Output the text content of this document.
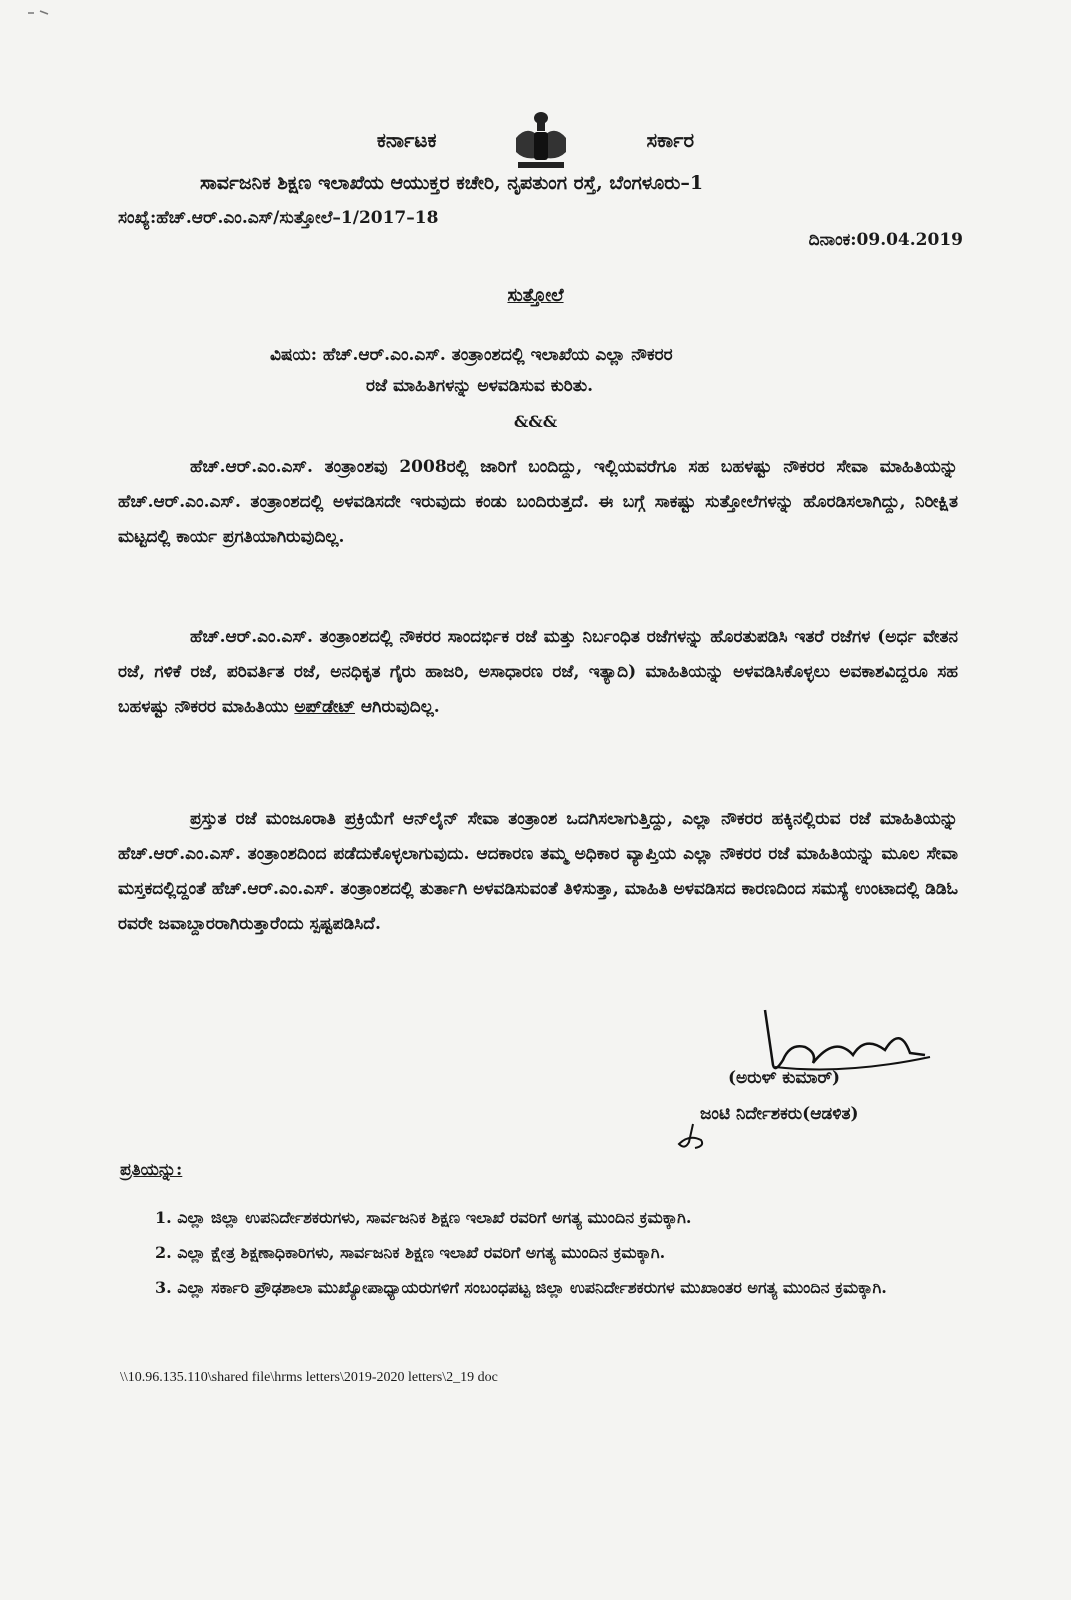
ಕರ್ನಾಟಕ	ಸರ್ಕಾರ
ಸಾರ್ವಜನಿಕ ಶಿಕ್ಷಣ ಇಲಾಖೆಯ ಆಯುಕ್ತರ ಕಚೇರಿ, ನೃಪತುಂಗ ರಸ್ತೆ, ಬೆಂಗಳೂರು–1
ಸಂಖ್ಯೆ:ಹೆಚ್.ಆರ್.ಎಂ.ಎಸ್/ಸುತ್ತೋಲೆ–1/2017–18
ದಿನಾಂಕ:09.04.2019
ಸುತ್ತೋಲೆ
ವಿಷಯ: ಹೆಚ್.ಆರ್.ಎಂ.ಎಸ್. ತಂತ್ರಾಂಶದಲ್ಲಿ ಇಲಾಖೆಯ ಎಲ್ಲಾ ನೌಕರರ
ರಜೆ ಮಾಹಿತಿಗಳನ್ನು ಅಳವಡಿಸುವ ಕುರಿತು.
&&&
ಹೆಚ್.ಆರ್.ಎಂ.ಎಸ್. ತಂತ್ರಾಂಶವು 2008ರಲ್ಲಿ ಜಾರಿಗೆ ಬಂದಿದ್ದು, ಇಲ್ಲಿಯವರೆಗೂ ಸಹ ಬಹಳಷ್ಟು ನೌಕರರ ಸೇವಾ ಮಾಹಿತಿಯನ್ನು ಹೆಚ್.ಆರ್.ಎಂ.ಎಸ್. ತಂತ್ರಾಂಶದಲ್ಲಿ ಅಳವಡಿಸದೇ ಇರುವುದು ಕಂಡು ಬಂದಿರುತ್ತದೆ. ಈ ಬಗ್ಗೆ ಸಾಕಷ್ಟು ಸುತ್ತೋಲೆಗಳನ್ನು ಹೊರಡಿಸಲಾಗಿದ್ದು, ನಿರೀಕ್ಷಿತ ಮಟ್ಟದಲ್ಲಿ ಕಾರ್ಯ ಪ್ರಗತಿಯಾಗಿರುವುದಿಲ್ಲ.
ಹೆಚ್.ಆರ್.ಎಂ.ಎಸ್. ತಂತ್ರಾಂಶದಲ್ಲಿ ನೌಕರರ ಸಾಂದರ್ಭಿಕ ರಜೆ ಮತ್ತು ನಿರ್ಬಂಧಿತ ರಜೆಗಳನ್ನು ಹೊರತುಪಡಿಸಿ ಇತರೆ ರಜೆಗಳ (ಅರ್ಧ ವೇತನ ರಜೆ, ಗಳಿಕೆ ರಜೆ, ಪರಿವರ್ತಿತ ರಜೆ, ಅನಧಿಕೃತ ಗೈರು ಹಾಜರಿ, ಅಸಾಧಾರಣ ರಜೆ, ಇತ್ಯಾದಿ) ಮಾಹಿತಿಯನ್ನು ಅಳವಡಿಸಿಕೊಳ್ಳಲು ಅವಕಾಶವಿದ್ದರೂ ಸಹ ಬಹಳಷ್ಟು ನೌಕರರ ಮಾಹಿತಿಯು ಅಪ್‌ಡೇಟ್ ಆಗಿರುವುದಿಲ್ಲ.
ಪ್ರಸ್ತುತ ರಜೆ ಮಂಜೂರಾತಿ ಪ್ರಕ್ರಿಯೆಗೆ ಆನ್‌ಲೈನ್ ಸೇವಾ ತಂತ್ರಾಂಶ ಒದಗಿಸಲಾಗುತ್ತಿದ್ದು, ಎಲ್ಲಾ ನೌಕರರ ಹಕ್ಕಿನಲ್ಲಿರುವ ರಜೆ ಮಾಹಿತಿಯನ್ನು ಹೆಚ್.ಆರ್.ಎಂ.ಎಸ್. ತಂತ್ರಾಂಶದಿಂದ ಪಡೆದುಕೊಳ್ಳಲಾಗುವುದು. ಆದಕಾರಣ ತಮ್ಮ ಅಧಿಕಾರ ವ್ಯಾಪ್ತಿಯ ಎಲ್ಲಾ ನೌಕರರ ರಜೆ ಮಾಹಿತಿಯನ್ನು ಮೂಲ ಸೇವಾ ಮಸ್ತಕದಲ್ಲಿದ್ದಂತೆ ಹೆಚ್.ಆರ್.ಎಂ.ಎಸ್. ತಂತ್ರಾಂಶದಲ್ಲಿ ತುರ್ತಾಗಿ ಅಳವಡಿಸುವಂತೆ ತಿಳಿಸುತ್ತಾ, ಮಾಹಿತಿ ಅಳವಡಿಸದ ಕಾರಣದಿಂದ ಸಮಸ್ಯೆ ಉಂಟಾದಲ್ಲಿ ಡಿಡಿಓ ರವರೇ ಜವಾಬ್ದಾರರಾಗಿರುತ್ತಾರೆಂದು ಸ್ಪಷ್ಟಪಡಿಸಿದೆ.
(ಅರುಳ್ ಕುಮಾರ್)
ಜಂಟಿ ನಿರ್ದೇಶಕರು(ಆಡಳಿತ)
ಪ್ರತಿಯನ್ನು:

1. ಎಲ್ಲಾ ಜಿಲ್ಲಾ ಉಪನಿರ್ದೇಶಕರುಗಳು, ಸಾರ್ವಜನಿಕ ಶಿಕ್ಷಣ ಇಲಾಖೆ ರವರಿಗೆ ಅಗತ್ಯ ಮುಂದಿನ ಕ್ರಮಕ್ಕಾಗಿ.

2. ಎಲ್ಲಾ ಕ್ಷೇತ್ರ ಶಿಕ್ಷಣಾಧಿಕಾರಿಗಳು, ಸಾರ್ವಜನಿಕ ಶಿಕ್ಷಣ ಇಲಾಖೆ ರವರಿಗೆ ಅಗತ್ಯ ಮುಂದಿನ ಕ್ರಮಕ್ಕಾಗಿ.

3. ಎಲ್ಲಾ ಸರ್ಕಾರಿ ಪ್ರೌಢಶಾಲಾ ಮುಖ್ಯೋಪಾಧ್ಯಾಯರುಗಳಿಗೆ ಸಂಬಂಧಪಟ್ಟ ಜಿಲ್ಲಾ ಉಪನಿರ್ದೇಶಕರುಗಳ ಮುಖಾಂತರ ಅಗತ್ಯ ಮುಂದಿನ ಕ್ರಮಕ್ಕಾಗಿ.

\\10.96.135.110\shared file\hrms letters\2019-2020 letters\2_19 doc
